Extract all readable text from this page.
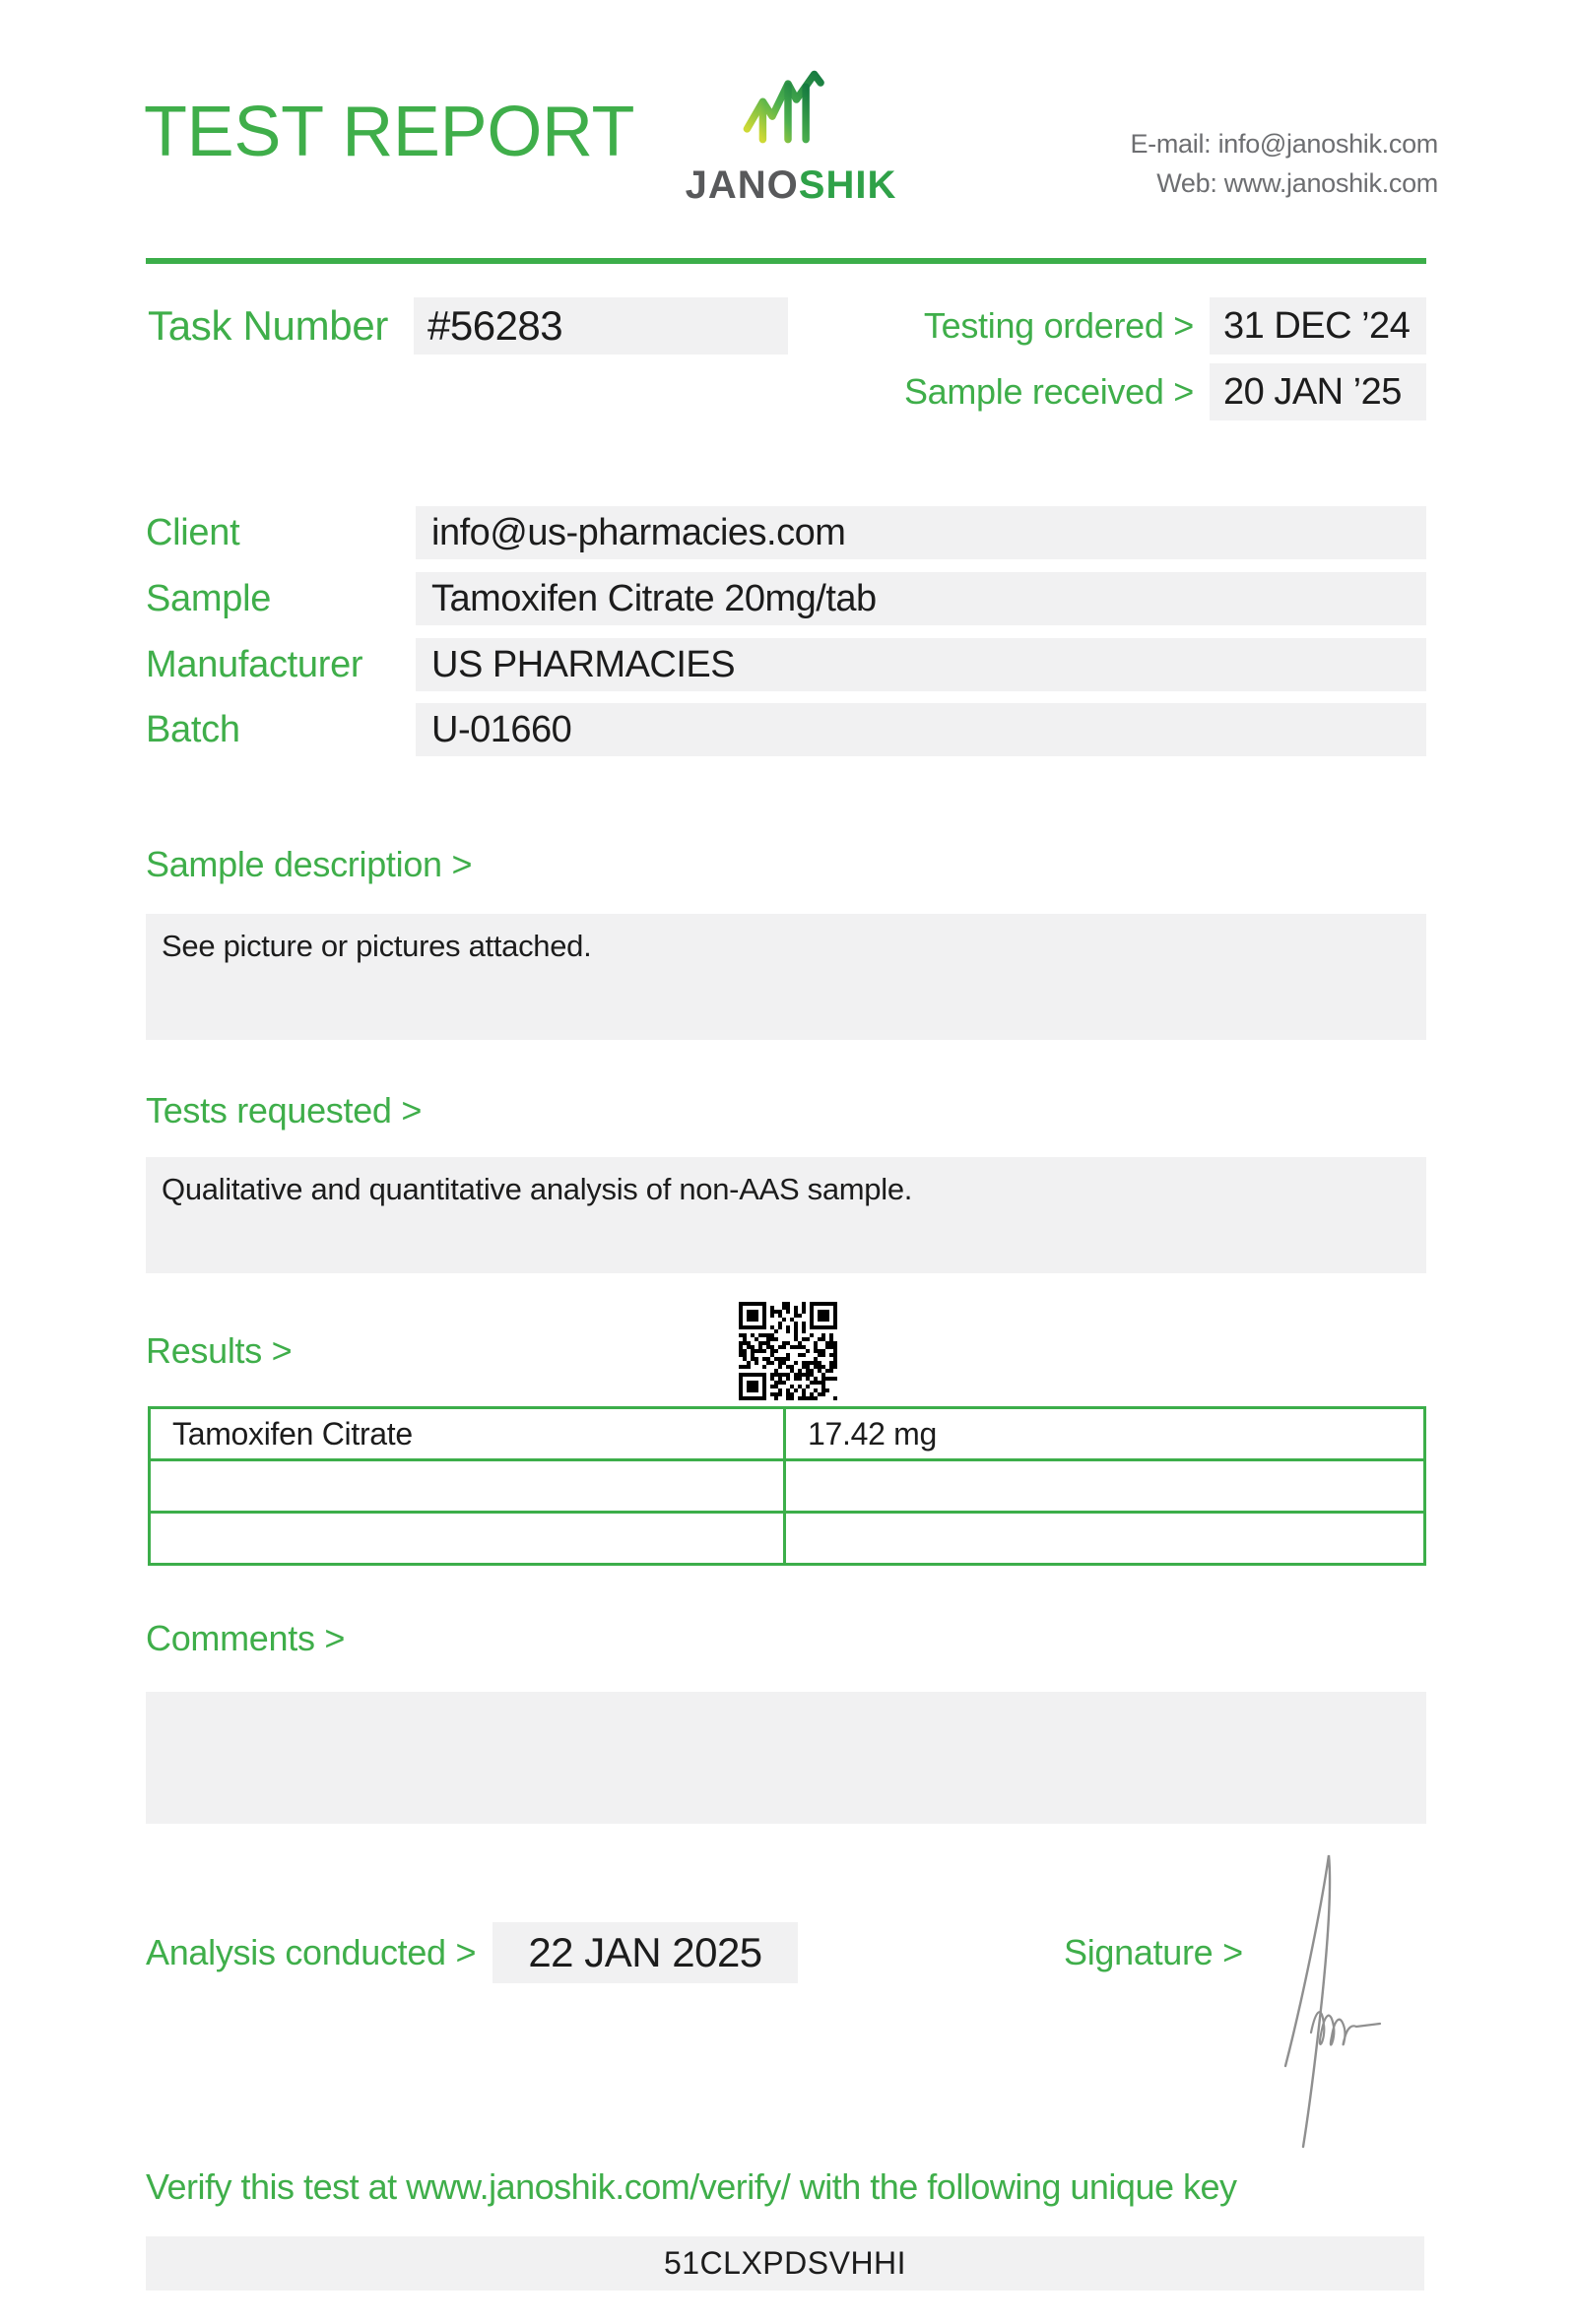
TEST REPORT
JANOSHIK
E-mail: info@janoshik.com
Web: www.janoshik.com
Task Number #56283	Testing ordered > 31 DEC ’24
Sample received > 20 JAN ’25
Client	info@us-pharmacies.com
Sample	Tamoxifen Citrate 20mg/tab
Manufacturer	US PHARMACIES
Batch	U-01660
Sample description >
See picture or pictures attached.
Tests requested >
Qualitative and quantitative analysis of non-AAS sample.
Results >
Tamoxifen Citrate	17.42 mg

Comments >
Analysis conducted >	22 JAN 2025	Signature >
Verify this test at www.janoshik.com/verify/ with the following unique key
51CLXPDSVHHI
